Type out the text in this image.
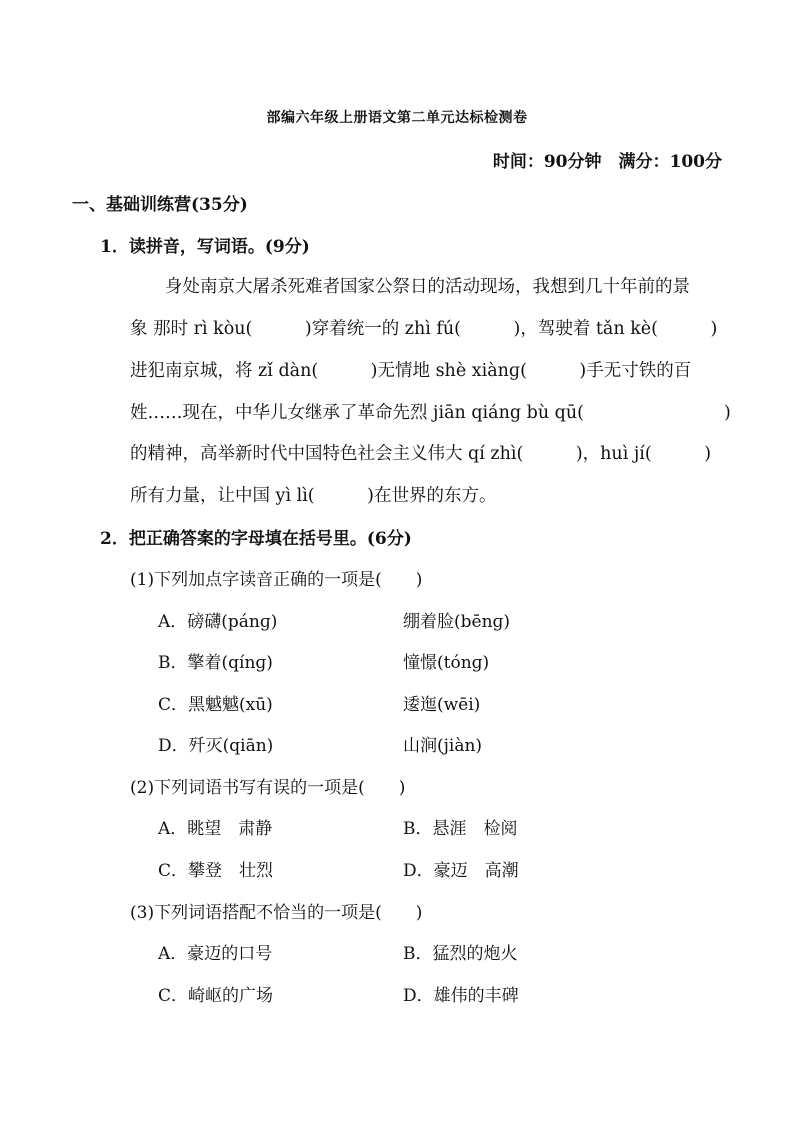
部编六年级上册语文第二单元达标检测卷
时间：90分钟　满分：100分
一、基础训练营(35分)
1．读拼音，写词语。(9分)
身处南京大屠杀死难者国家公祭日的活动现场，我想到几十年前的景
象 那时 rì kòu(　　　)穿着统一的 zhì fú(　　　)，驾驶着 tǎn kè(　　　)
进犯南京城，将 zǐ dàn(　　　)无情地 shè xiànɡ(　　　)手无寸铁的百
姓……现在，中华儿女继承了革命先烈 jiān qiáng bù qū(　　　　　　　　)
的精神，高举新时代中国特色社会主义伟大 qí zhì(　　　)，huì jí(　　　)
所有力量，让中国 yì lì(　　　)在世界的东方。
2．把正确答案的字母填在括号里。(6分)
(1)下列加点字读音正确的一项是(　　)
A．磅礴(pánɡ)	绷着脸(bēnɡ)
B．擎着(qínɡ)	憧憬(tónɡ)
C．黑魆魆(xū)	逶迤(wēi)
D．歼灭(qiān)	山涧(jiàn)
(2)下列词语书写有误的一项是(　　)
A．眺望　肃静	B．悬涯　检阅
C．攀登　壮烈	D．豪迈　高潮
(3)下列词语搭配不恰当的一项是(　　)
A．豪迈的口号	B．猛烈的炮火
C．崎岖的广场	D．雄伟的丰碑
